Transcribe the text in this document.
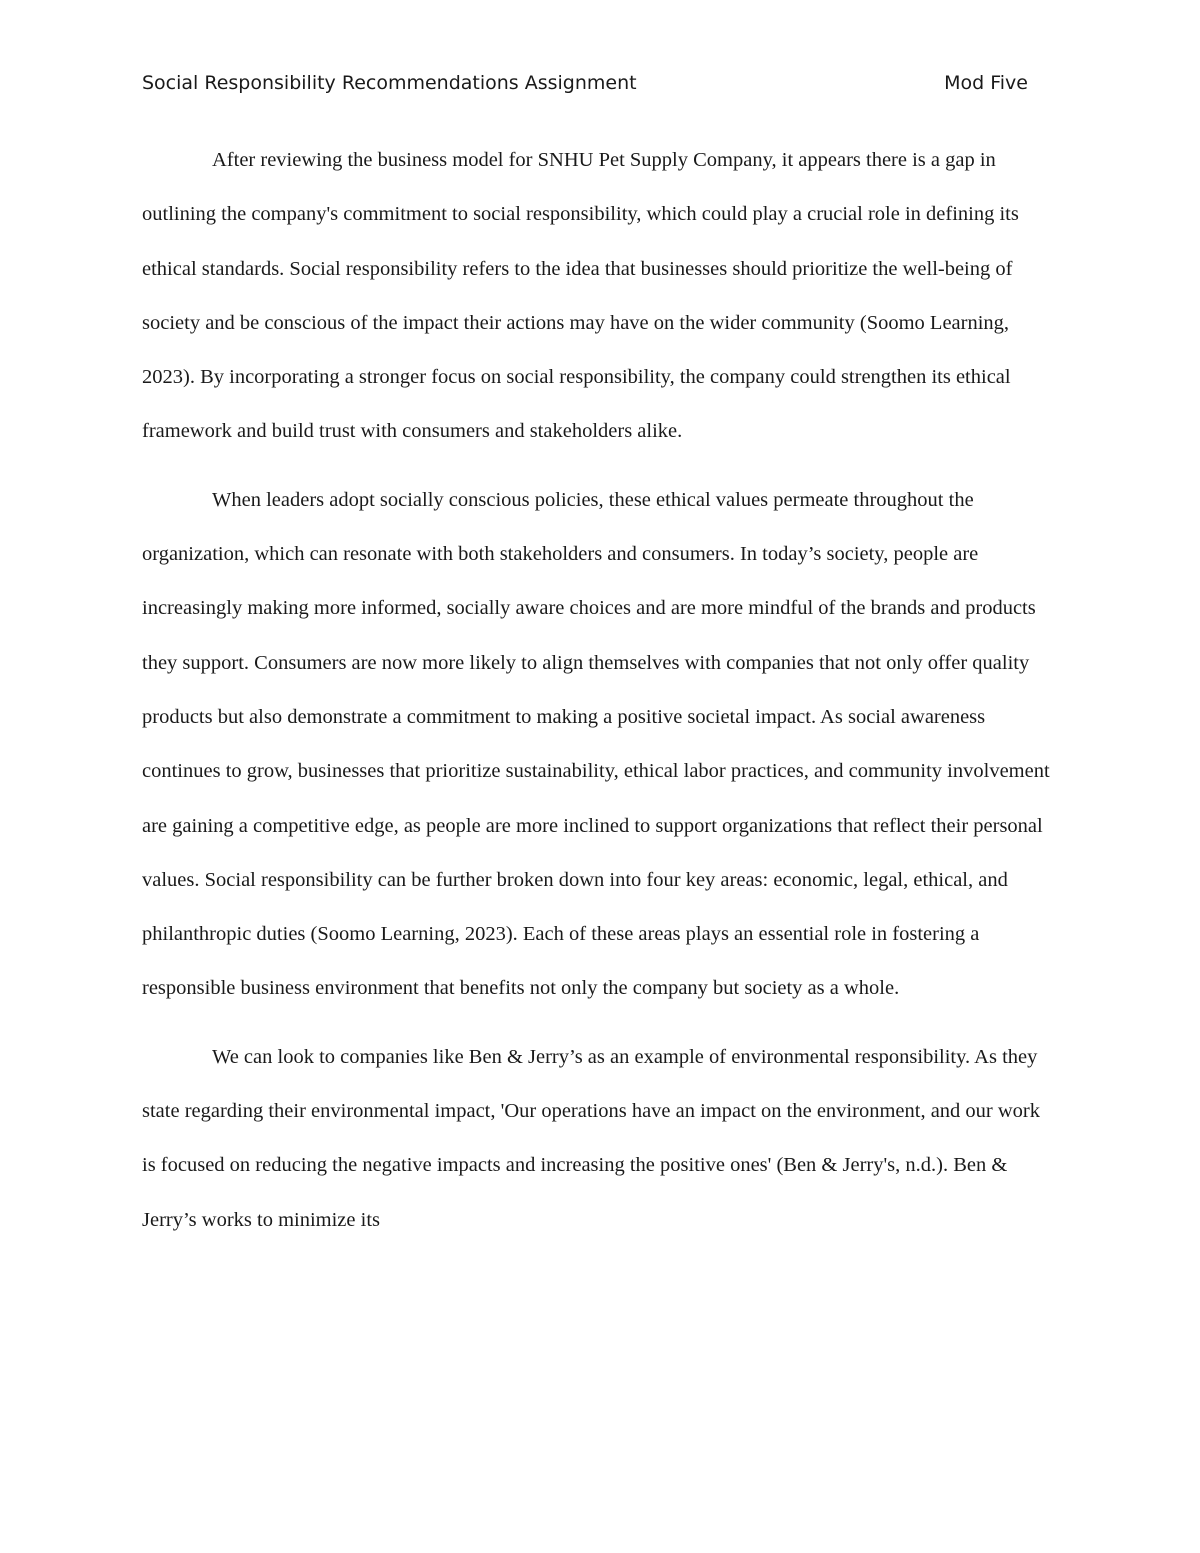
Social Responsibility Recommendations Assignment	Mod Five

After reviewing the business model for SNHU Pet Supply Company, it appears there is a gap in outlining the company's commitment to social responsibility, which could play a crucial role in defining its ethical standards. Social responsibility refers to the idea that businesses should prioritize the well-being of society and be conscious of the impact their actions may have on the wider community (Soomo Learning, 2023). By incorporating a stronger focus on social responsibility, the company could strengthen its ethical framework and build trust with consumers and stakeholders alike.

When leaders adopt socially conscious policies, these ethical values permeate throughout the organization, which can resonate with both stakeholders and consumers. In today’s society, people are increasingly making more informed, socially aware choices and are more mindful of the brands and products they support. Consumers are now more likely to align themselves with companies that not only offer quality products but also demonstrate a commitment to making a positive societal impact. As social awareness continues to grow, businesses that prioritize sustainability, ethical labor practices, and community involvement are gaining a competitive edge, as people are more inclined to support organizations that reflect their personal values. Social responsibility can be further broken down into four key areas: economic, legal, ethical, and philanthropic duties (Soomo Learning, 2023). Each of these areas plays an essential role in fostering a responsible business environment that benefits not only the company but society as a whole.

We can look to companies like Ben & Jerry’s as an example of environmental responsibility. As they state regarding their environmental impact, 'Our operations have an impact on the environment, and our work is focused on reducing the negative impacts and increasing the positive ones' (Ben & Jerry's, n.d.). Ben & Jerry’s works to minimize its
